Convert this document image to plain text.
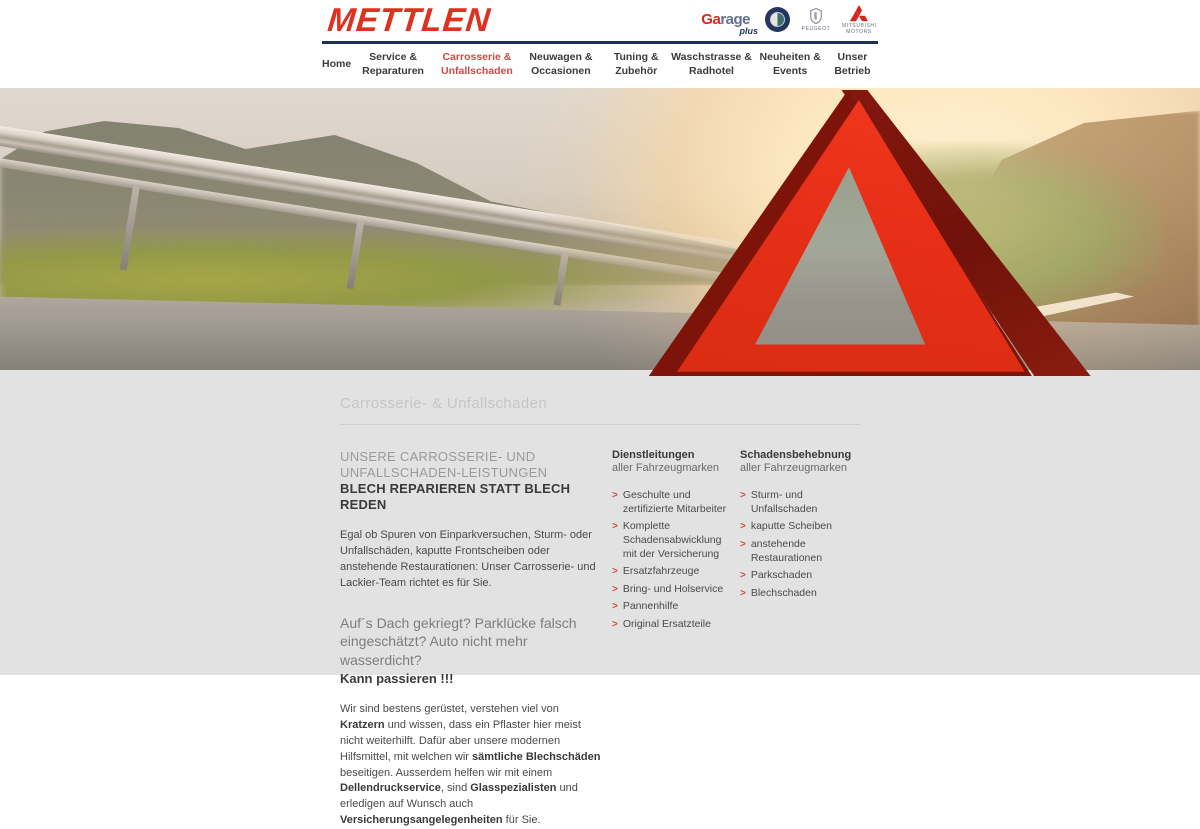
METTLEN	Garage
plus	PEUGEOT
MITSUBISHI MOTORS
Home
Service & Reparaturen
Carrosserie & Unfallschaden
Neuwagen & Occasionen
Tuning & Zubehör
Waschstrasse & Radhotel
Neuheiten & Events
Unser Betrieb
Carrosserie- & Unfallschaden
UNSERE CARROSSERIE- UND
UNFALLSCHADEN-LEISTUNGEN
BLECH REPARIEREN STATT BLECH REDEN

Egal ob Spuren von Einparkversuchen, Sturm- oder Unfallschäden, kaputte Frontscheiben oder anstehende Restaurationen: Unser Carrosserie- und Lackier-Team richtet es für Sie.

Auf´s Dach gekriegt? Parklücke falsch eingeschätzt? Auto nicht mehr wasserdicht?
Kann passieren !!!

Wir sind bestens gerüstet, verstehen viel von Kratzern und wissen, dass ein Pflaster hier meist nicht weiterhilft. Dafür aber unsere modernen Hilfsmittel, mit welchen wir sämtliche Blechschäden beseitigen. Ausserdem helfen wir mit einem Dellendruckservice, sind Glasspezialisten und erledigen auf Wunsch auch Versicherungsangelegenheiten für Sie.

Dienstleitungen
aller Fahrzeugmarken
> Geschulte und zertifizierte Mitarbeiter
> Komplette Schadensabwicklung mit der Versicherung
> Ersatzfahrzeuge
> Bring- und Holservice
> Pannenhilfe
> Original Ersatzteile
Schadensbehebnung
aller Fahrzeugmarken
> Sturm- und Unfallschaden
> kaputte Scheiben
> anstehende Restaurationen
> Parkschaden
> Blechschaden
